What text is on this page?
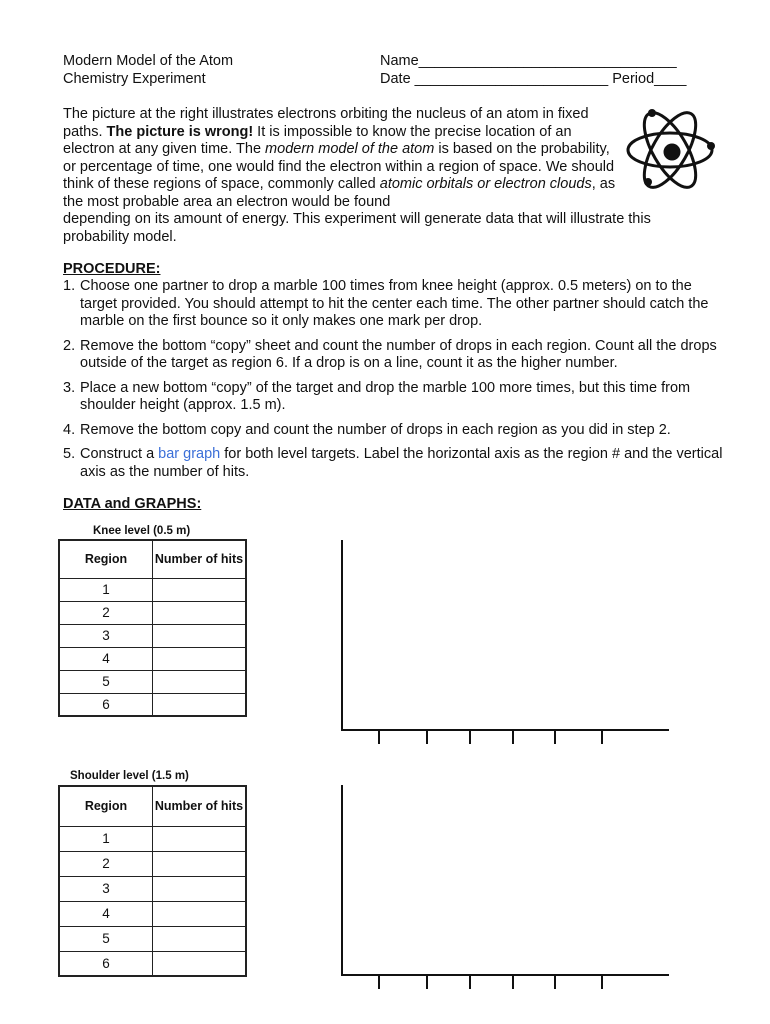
Modern Model of the Atom
Chemistry Experiment
Name________________________________
Date ________________________ Period____
The picture at the right illustrates electrons orbiting the nucleus of an atom in fixed paths. The picture is wrong! It is impossible to know the precise location of an electron at any given time. The modern model of the atom is based on the probability, or percentage of time, one would find the electron within a region of space. We should think of these regions of space, commonly called atomic orbitals or electron clouds, as the most probable area an electron would be found
depending on its amount of energy. This experiment will generate data that will illustrate this probability model.
PROCEDURE:
1. Choose one partner to drop a marble 100 times from knee height (approx. 0.5 meters) on to the target provided. You should attempt to hit the center each time. The other partner should catch the marble on the first bounce so it only makes one mark per drop.
2. Remove the bottom “copy” sheet and count the number of drops in each region. Count all the drops outside of the target as region 6. If a drop is on a line, count it as the higher number.
3. Place a new bottom “copy” of the target and drop the marble 100 more times, but this time from shoulder height (approx. 1.5 m).
4. Remove the bottom copy and count the number of drops in each region as you did in step 2.
5. Construct a bar graph for both level targets. Label the horizontal axis as the region # and the vertical axis as the number of hits.
DATA and GRAPHS:
Knee level (0.5 m)
Region	Number of hits
1	
2	
3	
4	
5	
6	
Shoulder level (1.5 m)
Region	Number of hits
1	
2	
3	
4	
5	
6	
